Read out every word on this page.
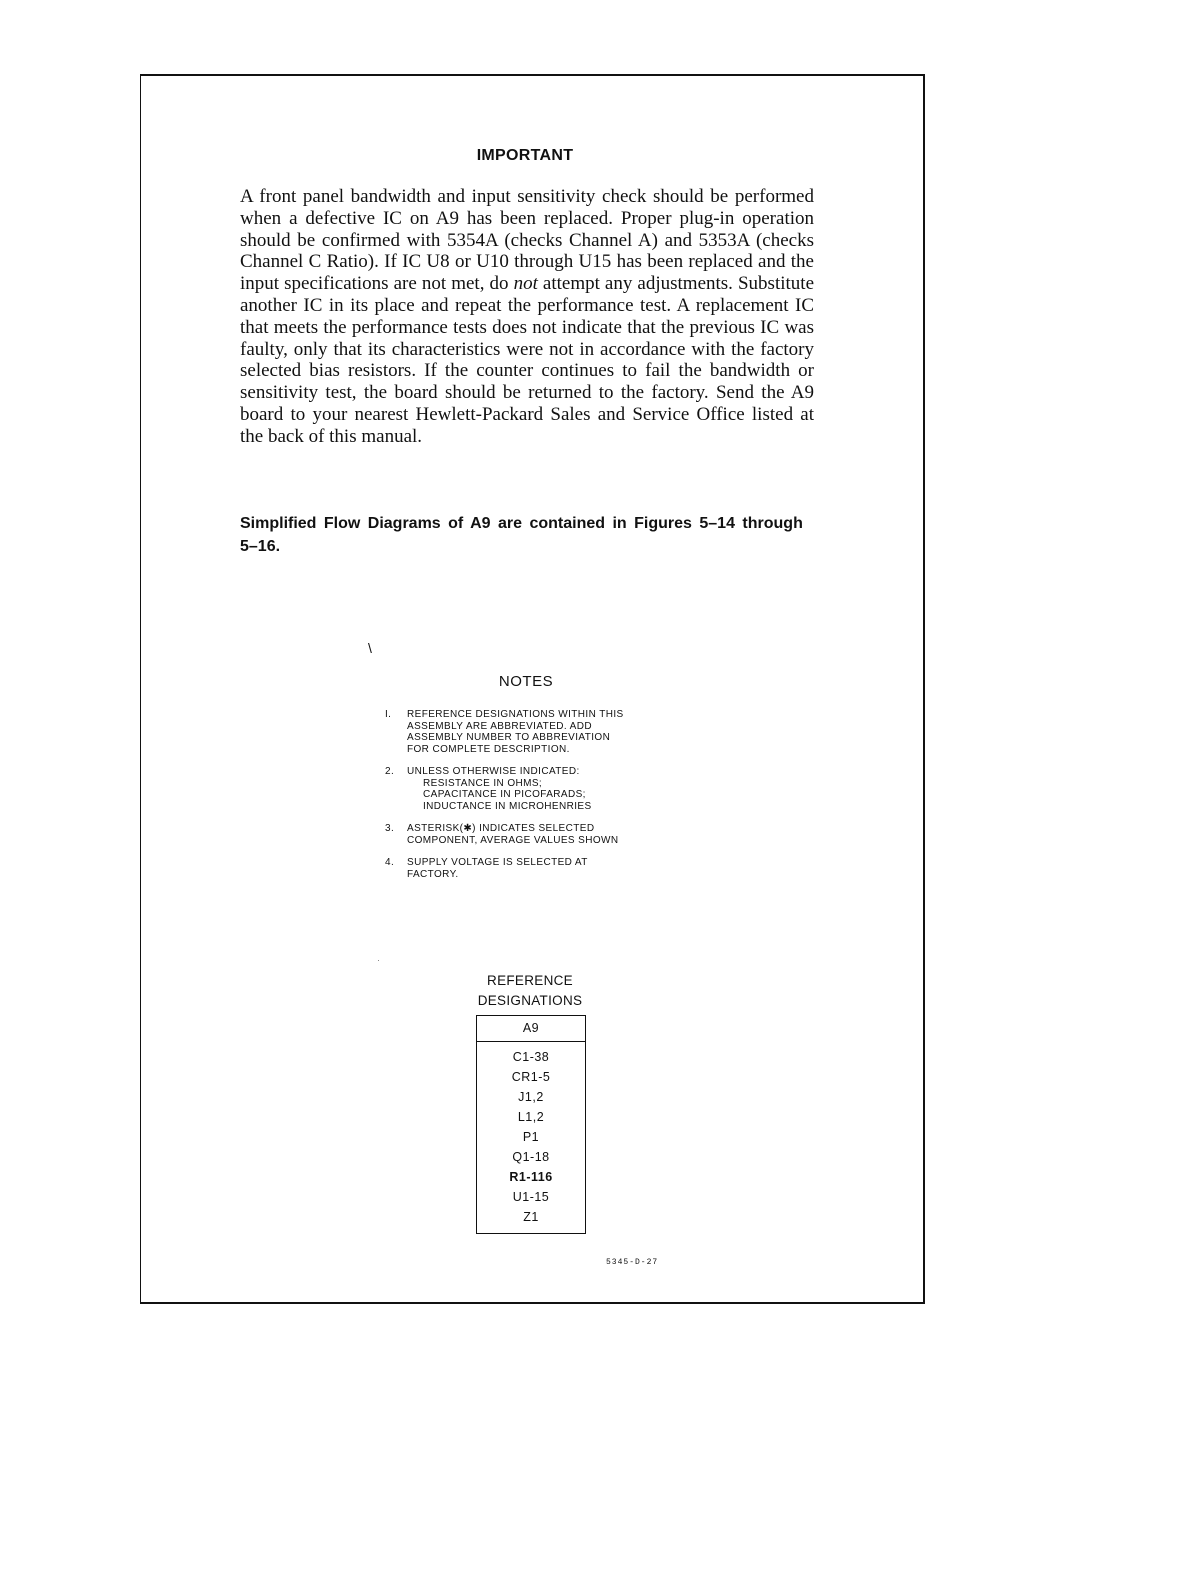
IMPORTANT

A front panel bandwidth and input sensitivity check should be performed when a defective IC on A9 has been replaced. Proper plug‑in operation should be confirmed with 5354A (checks Channel A) and 5353A (checks Channel C Ratio). If IC U8 or U10 through U15 has been replaced and the input specifications are not met, do not attempt any adjustments. Substitute another IC in its place and repeat the performance test. A replacement IC that meets the performance tests does not indicate that the previous IC was faulty, only that its characteristics were not in accordance with the factory selected bias resistors. If the counter continues to fail the bandwidth or sensitivity test, the board should be returned to the factory. Send the A9 board to your nearest Hewlett-Packard Sales and Service Office listed at the back of this manual.

Simplified Flow Diagrams of A9 are contained in Figures 5–14 through 5–16.

\
NOTES
I. REFERENCE DESIGNATIONS WITHIN THIS
ASSEMBLY ARE ABBREVIATED. ADD
ASSEMBLY NUMBER TO ABBREVIATION
FOR COMPLETE DESCRIPTION.
2. UNLESS OTHERWISE INDICATED:
RESISTANCE IN OHMS;
CAPACITANCE IN PICOFARADS;
INDUCTANCE IN MICROHENRIES
3. ASTERISK(✱) INDICATES SELECTED
COMPONENT, AVERAGE VALUES SHOWN
4. SUPPLY VOLTAGE IS SELECTED AT
FACTORY.
REFERENCE
DESIGNATIONS
A9
C1-38
CR1-5
J1,2
L1,2
P1
Q1-18
R1-116
U1-15
Z1
5345-D-27
